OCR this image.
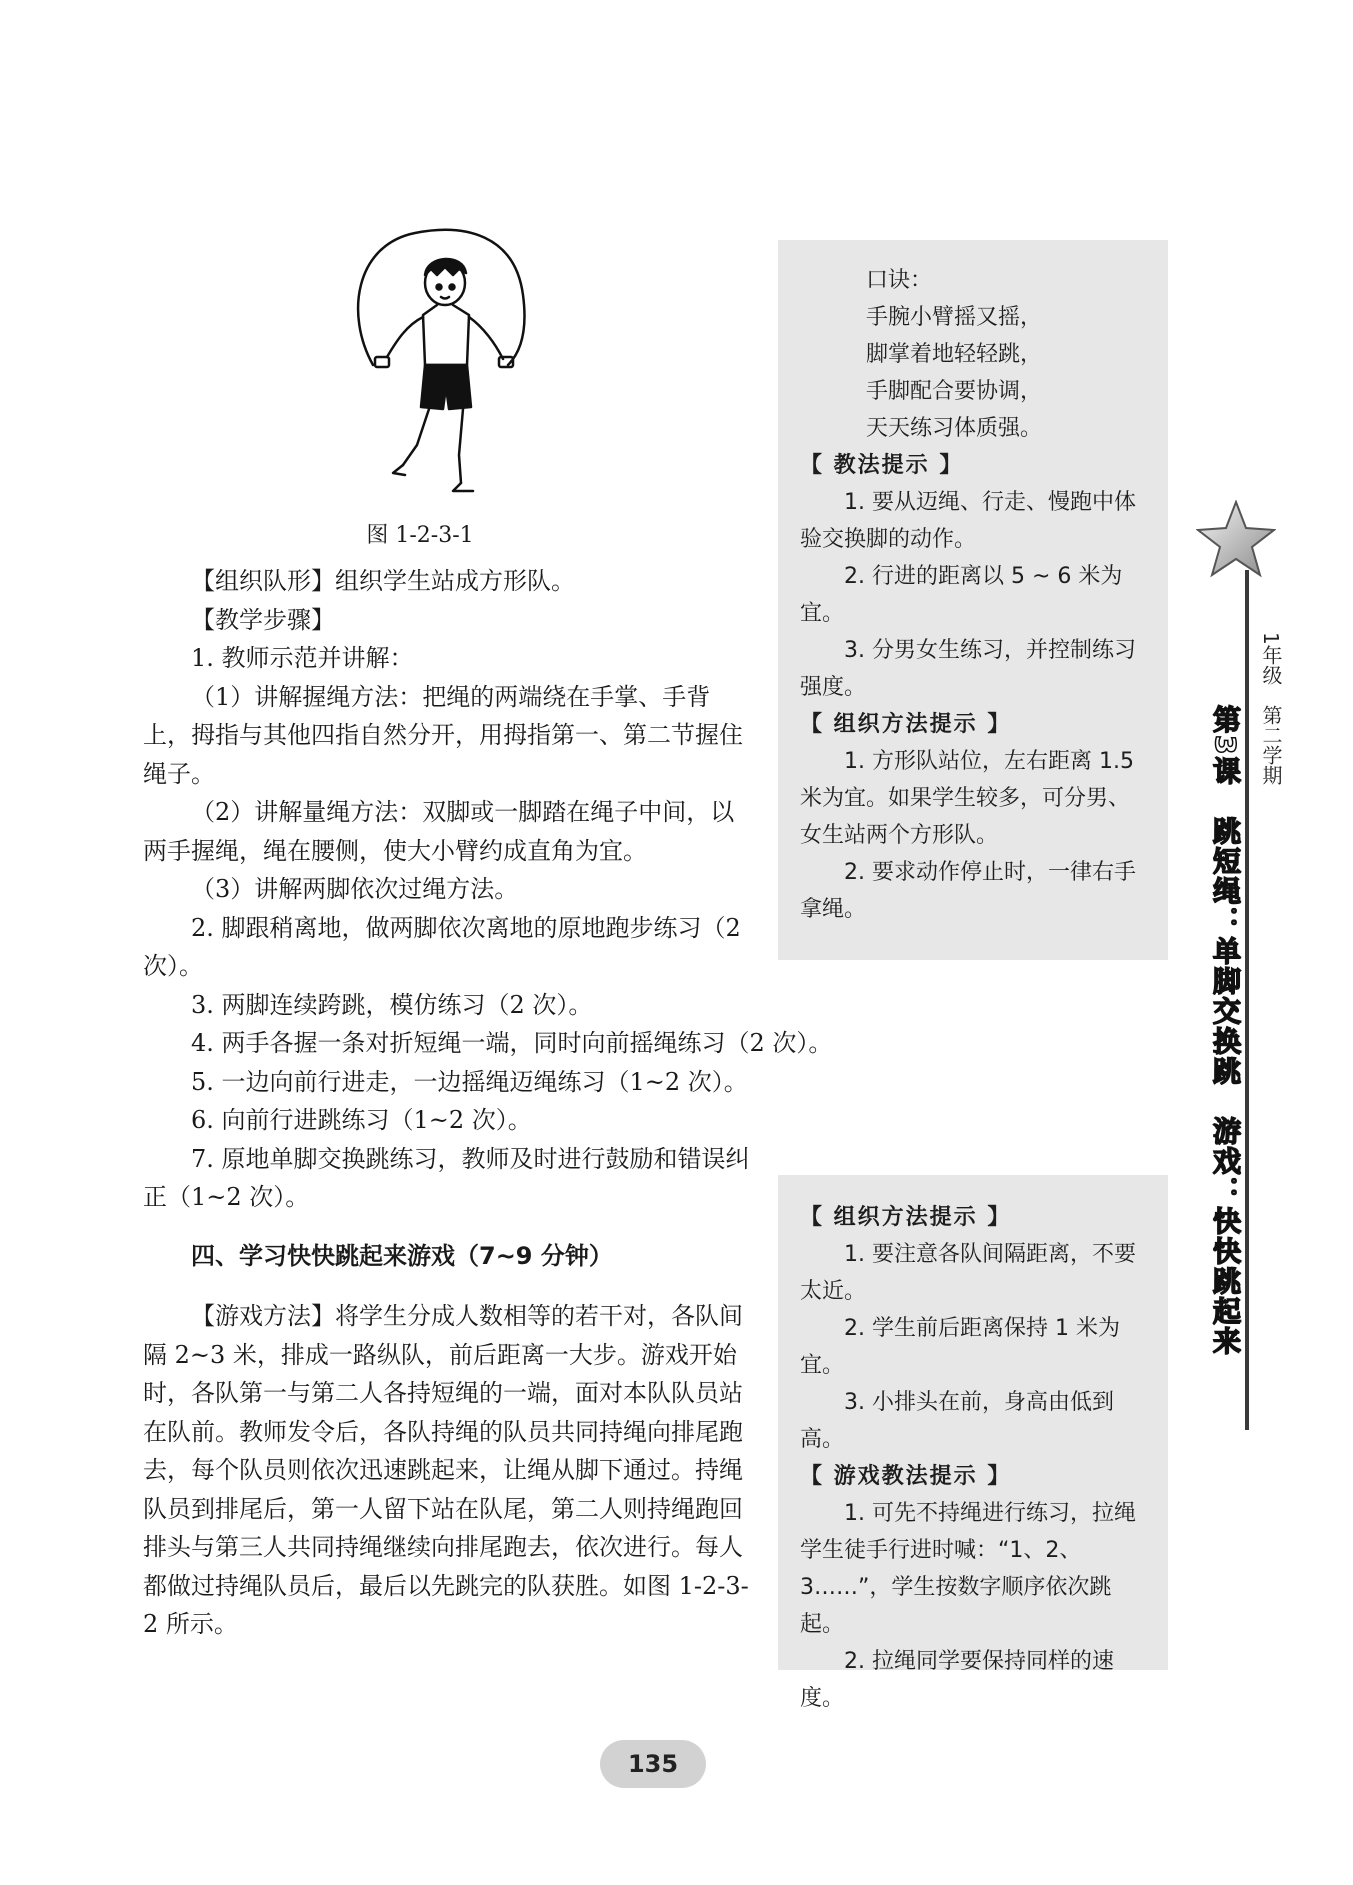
图 1-2-3-1

【组织队形】组织学生站成方形队。

【教学步骤】

1. 教师示范并讲解：

（1）讲解握绳方法：把绳的两端绕在手掌、手背上，拇指与其他四指自然分开，用拇指第一、第二节握住绳子。

（2）讲解量绳方法：双脚或一脚踏在绳子中间，以两手握绳，绳在腰侧，使大小臂约成直角为宜。

（3）讲解两脚依次过绳方法。

2. 脚跟稍离地，做两脚依次离地的原地跑步练习（2 次）。

3. 两脚连续跨跳，模仿练习（2 次）。

4. 两手各握一条对折短绳一端，同时向前摇绳练习（2 次）。

5. 一边向前行进走，一边摇绳迈绳练习（1~2 次）。

6. 向前行进跳练习（1~2 次）。

7. 原地单脚交换跳练习，教师及时进行鼓励和错误纠正（1~2 次）。

四、学习快快跳起来游戏（7~9 分钟）

【游戏方法】将学生分成人数相等的若干对，各队间隔 2~3 米，排成一路纵队，前后距离一大步。游戏开始时，各队第一与第二人各持短绳的一端，面对本队队员站在队前。教师发令后，各队持绳的队员共同持绳向排尾跑去，每个队员则依次迅速跳起来，让绳从脚下通过。持绳队员到排尾后，第一人留下站在队尾，第二人则持绳跑回排头与第三人共同持绳继续向排尾跑去，依次进行。每人都做过持绳队员后，最后以先跳完的队获胜。如图 1-2-3-2 所示。

口诀：

手腕小臂摇又摇，

脚掌着地轻轻跳，

手脚配合要协调，

天天练习体质强。

【 教法提示 】

1. 要从迈绳、行走、慢跑中体验交换脚的动作。

2. 行进的距离以 5 ~ 6 米为宜。

3. 分男女生练习，并控制练习强度。

【 组织方法提示 】

1. 方形队站位，左右距离 1.5 米为宜。如果学生较多，可分男、女生站两个方形队。

2. 要求动作停止时，一律右手拿绳。

【 组织方法提示 】

1. 要注意各队间隔距离，不要太近。

2. 学生前后距离保持 1 米为宜。

3. 小排头在前，身高由低到高。

【 游戏教法提示 】

1. 可先不持绳进行练习，拉绳学生徒手行进时喊：“1、2、3……”，学生按数字顺序依次跳起。

2. 拉绳同学要保持同样的速度。

1年级　第二学期
第3课　跳短绳：单脚交换跳　游戏：快快跳起来
135
